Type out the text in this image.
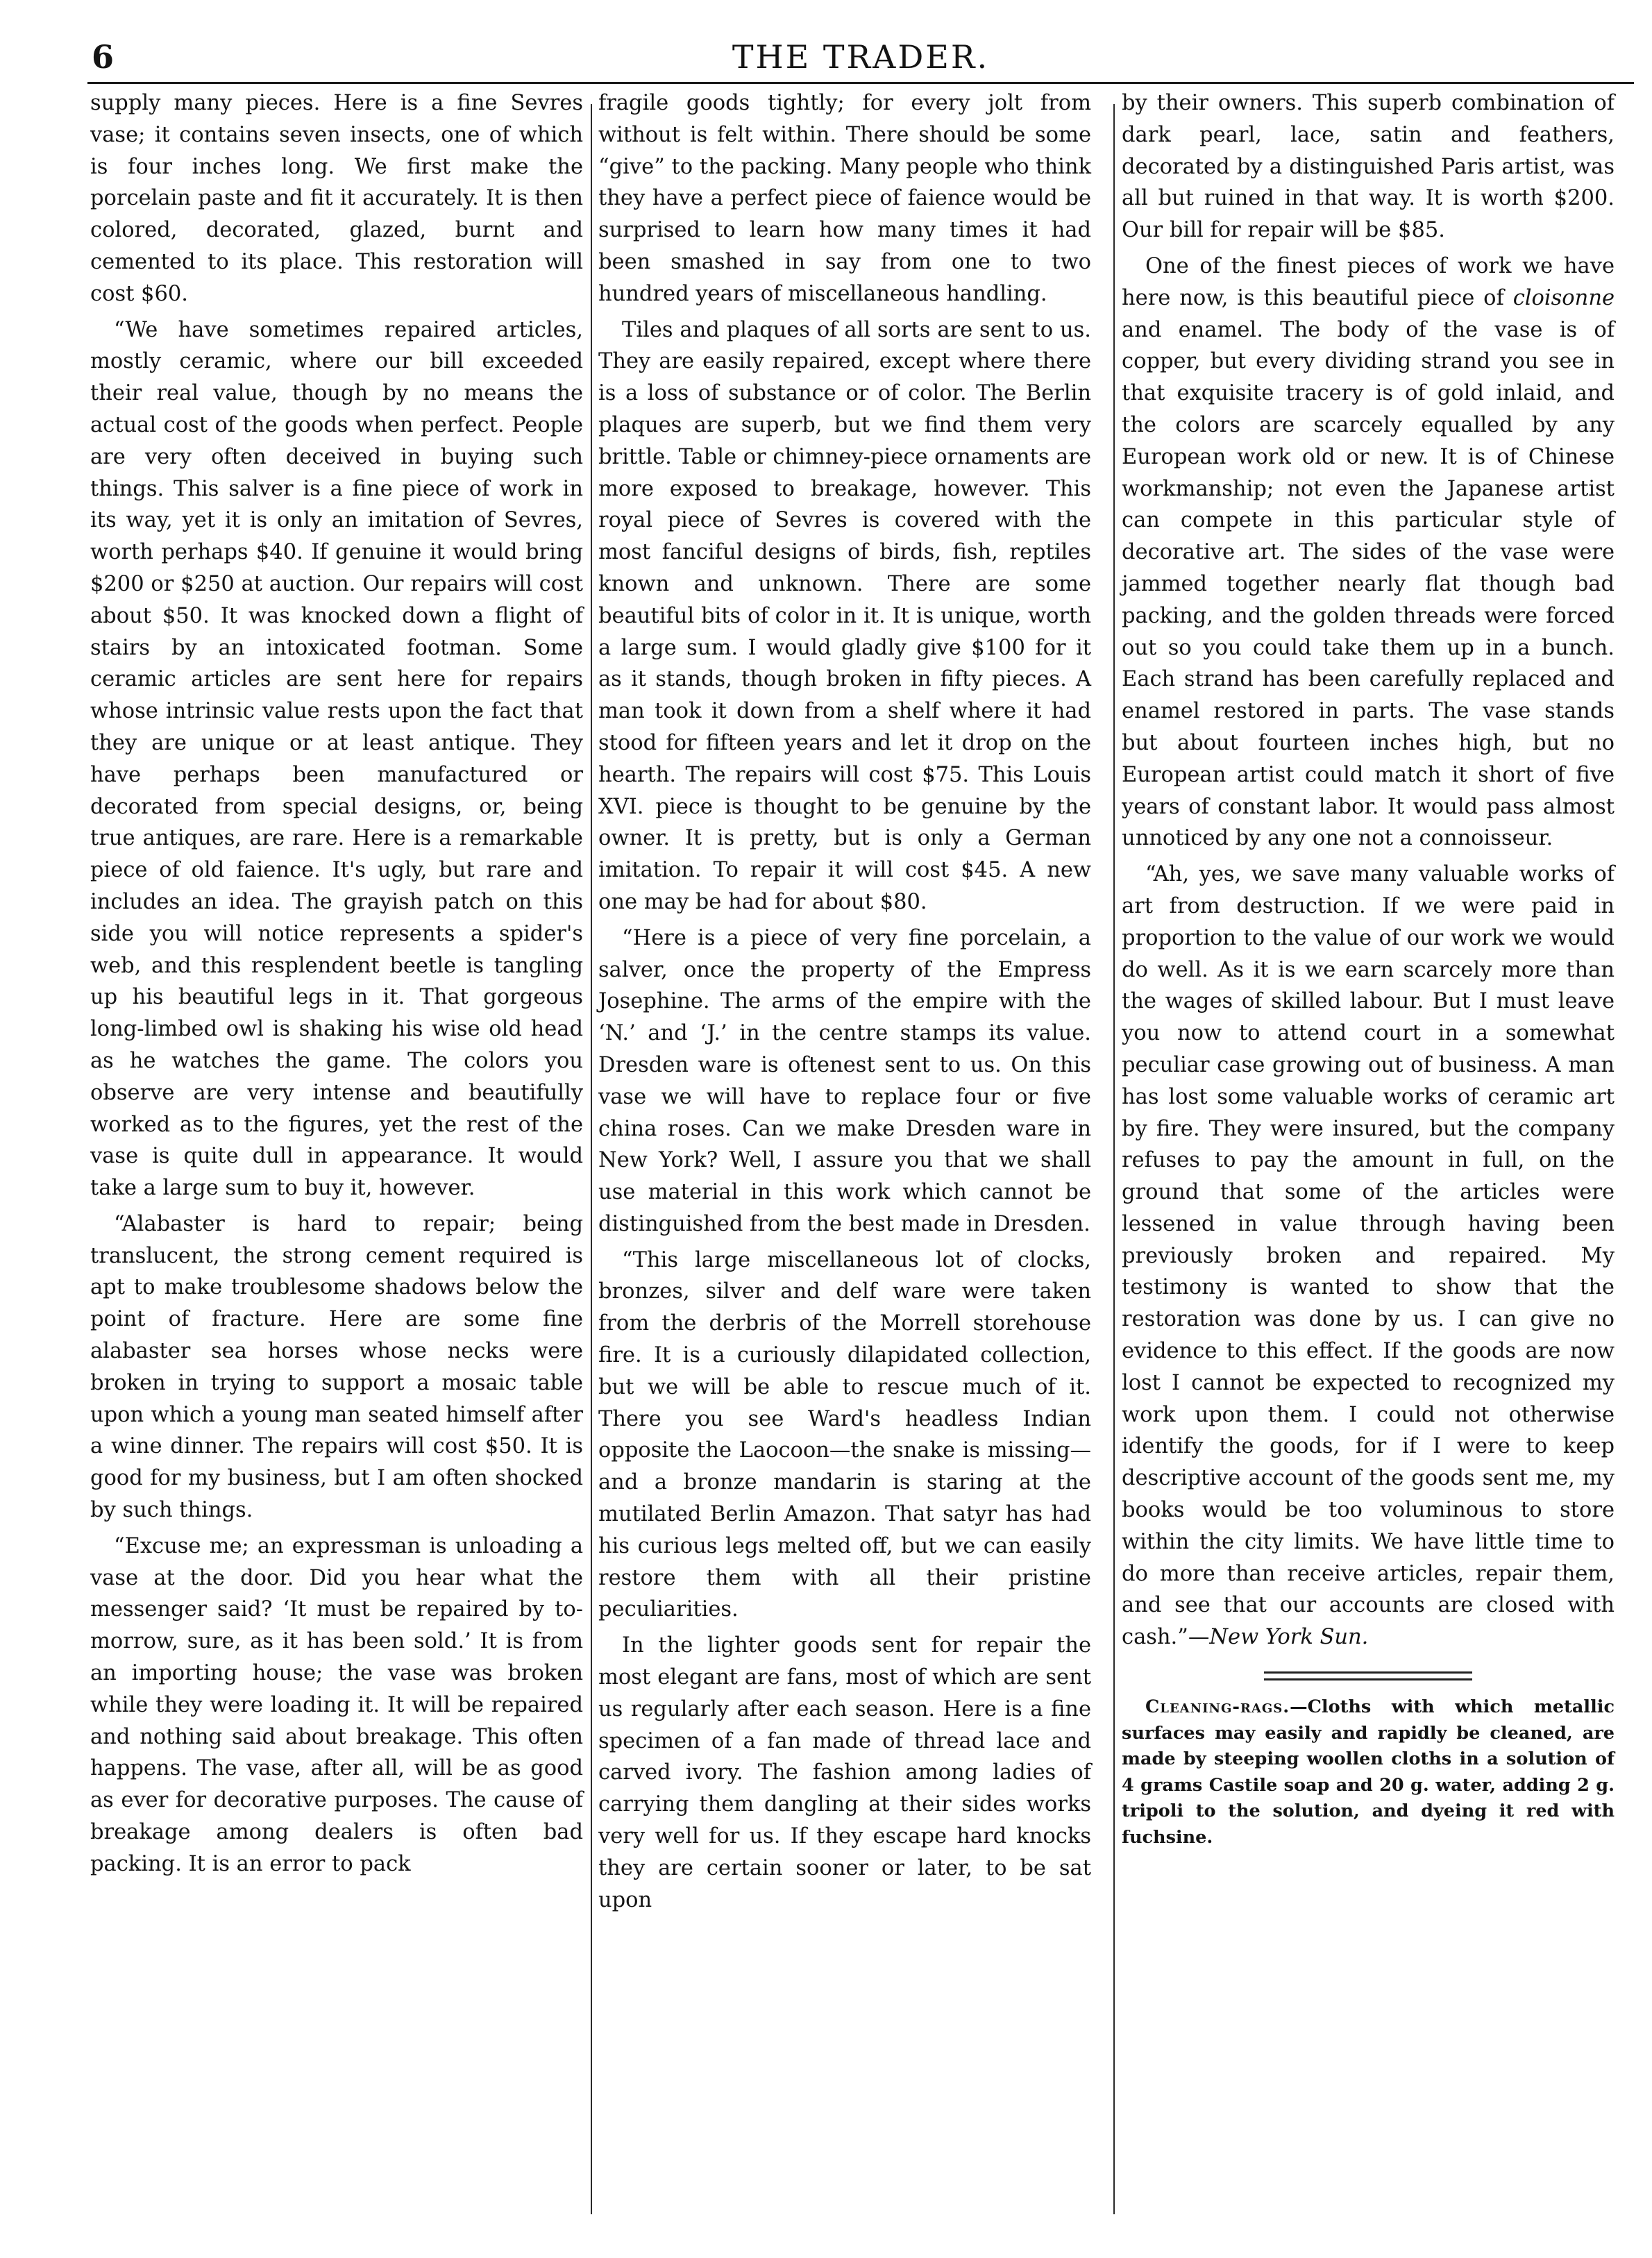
6	THE TRADER.

supply many pieces. Here is a fine Sevres vase; it contains seven insects, one of which is four inches long. We first make the porcelain paste and fit it accurately. It is then colored, decorated, glazed, burnt and cemented to its place. This restoration will cost $60.

“We have sometimes repaired articles, mostly ceramic, where our bill exceeded their real value, though by no means the actual cost of the goods when perfect. People are very often deceived in buying such things. This salver is a fine piece of work in its way, yet it is only an imitation of Sevres, worth perhaps $40. If genuine it would bring $200 or $250 at auction. Our repairs will cost about $50. It was knocked down a flight of stairs by an intoxicated footman. Some ceramic articles are sent here for repairs whose intrinsic value rests upon the fact that they are unique or at least antique. They have perhaps been manufactured or decorated from special designs, or, being true antiques, are rare. Here is a remarkable piece of old faience. It's ugly, but rare and includes an idea. The grayish patch on this side you will notice represents a spider's web, and this resplendent beetle is tangling up his beautiful legs in it. That gorgeous long-limbed owl is shaking his wise old head as he watches the game. The colors you observe are very intense and beautifully worked as to the figures, yet the rest of the vase is quite dull in appearance. It would take a large sum to buy it, however.

“Alabaster is hard to repair; being translucent, the strong cement required is apt to make troublesome shadows below the point of fracture. Here are some fine alabaster sea horses whose necks were broken in trying to support a mosaic table upon which a young man seated himself after a wine dinner. The repairs will cost $50. It is good for my business, but I am often shocked by such things.

“Excuse me; an expressman is unloading a vase at the door. Did you hear what the messenger said? ‘It must be repaired by to-morrow, sure, as it has been sold.’ It is from an importing house; the vase was broken while they were loading it. It will be repaired and nothing said about breakage. This often happens. The vase, after all, will be as good as ever for decorative purposes. The cause of breakage among dealers is often bad packing. It is an error to pack

fragile goods tightly; for every jolt from without is felt within. There should be some “give” to the packing. Many people who think they have a perfect piece of faience would be surprised to learn how many times it had been smashed in say from one to two hundred years of miscellaneous handling.

Tiles and plaques of all sorts are sent to us. They are easily repaired, except where there is a loss of substance or of color. The Berlin plaques are superb, but we find them very brittle. Table or chimney-piece ornaments are more exposed to breakage, however. This royal piece of Sevres is covered with the most fanciful designs of birds, fish, reptiles known and unknown. There are some beautiful bits of color in it. It is unique, worth a large sum. I would gladly give $100 for it as it stands, though broken in fifty pieces. A man took it down from a shelf where it had stood for fifteen years and let it drop on the hearth. The repairs will cost $75. This Louis XVI. piece is thought to be genuine by the owner. It is pretty, but is only a German imitation. To repair it will cost $45. A new one may be had for about $80.

“Here is a piece of very fine porcelain, a salver, once the property of the Empress Josephine. The arms of the empire with the ‘N.’ and ‘J.’ in the centre stamps its value. Dresden ware is oftenest sent to us. On this vase we will have to replace four or five china roses. Can we make Dresden ware in New York? Well, I assure you that we shall use material in this work which cannot be distinguished from the best made in Dresden.

“This large miscellaneous lot of clocks, bronzes, silver and delf ware were taken from the derbris of the Morrell storehouse fire. It is a curiously dilapidated collection, but we will be able to rescue much of it. There you see Ward's headless Indian opposite the Laocoon—the snake is missing—and a bronze mandarin is staring at the mutilated Berlin Amazon. That satyr has had his curious legs melted off, but we can easily restore them with all their pristine peculiarities.

In the lighter goods sent for repair the most elegant are fans, most of which are sent us regularly after each season. Here is a fine specimen of a fan made of thread lace and carved ivory. The fashion among ladies of carrying them dangling at their sides works very well for us. If they escape hard knocks they are certain sooner or later, to be sat upon

by their owners. This superb combination of dark pearl, lace, satin and feathers, decorated by a distinguished Paris artist, was all but ruined in that way. It is worth $200. Our bill for repair will be $85.

One of the finest pieces of work we have here now, is this beautiful piece of cloisonne and enamel. The body of the vase is of copper, but every dividing strand you see in that exquisite tracery is of gold inlaid, and the colors are scarcely equalled by any European work old or new. It is of Chinese workmanship; not even the Japanese artist can compete in this particular style of decorative art. The sides of the vase were jammed together nearly flat though bad packing, and the golden threads were forced out so you could take them up in a bunch. Each strand has been carefully replaced and enamel restored in parts. The vase stands but about fourteen inches high, but no European artist could match it short of five years of constant labor. It would pass almost unnoticed by any one not a connoisseur.

“Ah, yes, we save many valuable works of art from destruction. If we were paid in proportion to the value of our work we would do well. As it is we earn scarcely more than the wages of skilled labour. But I must leave you now to attend court in a somewhat peculiar case growing out of business. A man has lost some valuable works of ceramic art by fire. They were insured, but the company refuses to pay the amount in full, on the ground that some of the articles were lessened in value through having been previously broken and repaired. My testimony is wanted to show that the restoration was done by us. I can give no evidence to this effect. If the goods are now lost I cannot be expected to recognized my work upon them. I could not otherwise identify the goods, for if I were to keep descriptive account of the goods sent me, my books would be too voluminous to store within the city limits. We have little time to do more than receive articles, repair them, and see that our accounts are closed with cash.”—New York Sun.

Cleaning-rags.—Cloths with which metallic surfaces may easily and rapidly be cleaned, are made by steeping woollen cloths in a solution of 4 grams Castile soap and 20 g. water, adding 2 g. tripoli to the solution, and dyeing it red with fuchsine.
